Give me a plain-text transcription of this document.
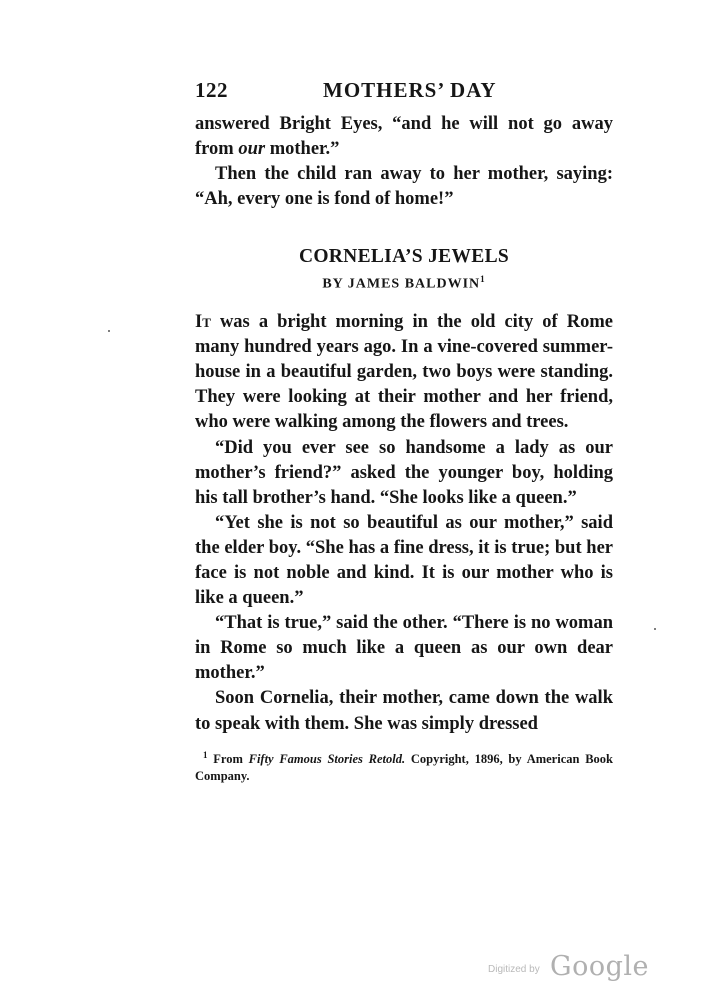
122	MOTHERS’ DAY

answered Bright Eyes, “and he will not go away from our mother.”

Then the child ran away to her mother, saying: “Ah, every one is fond of home!”

CORNELIA’S JEWELS
BY JAMES BALDWIN$^1$

It was a bright morning in the old city of Rome many hundred years ago. In a vine-covered summer-house in a beautiful garden, two boys were standing. They were looking at their mother and her friend, who were walking among the flowers and trees.

“Did you ever see so handsome a lady as our mother’s friend?” asked the younger boy, holding his tall brother’s hand. “She looks like a queen.”

“Yet she is not so beautiful as our mother,” said the elder boy. “She has a fine dress, it is true; but her face is not noble and kind. It is our mother who is like a queen.”

“That is true,” said the other. “There is no woman in Rome so much like a queen as our own dear mother.”

Soon Cornelia, their mother, came down the walk to speak with them. She was simply dressed

$^1$ From Fifty Famous Stories Retold. Copyright, 1896, by American Book Company.

Digitized by Google
